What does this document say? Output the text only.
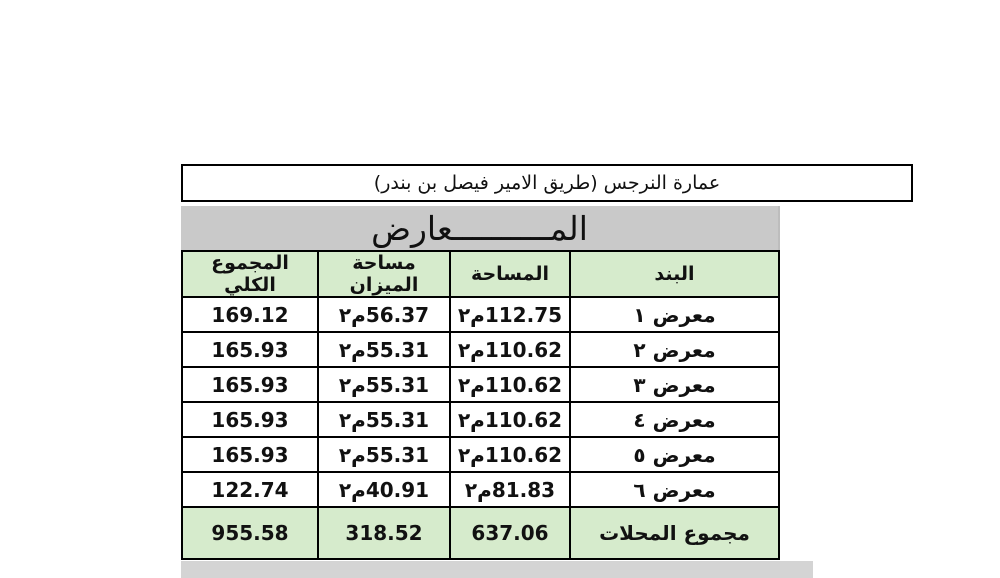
عمارة النرجس (طريق الامير فيصل بن بندر)
المــــــــــعارض
المجموع الكلي	مساحة الميزان	المساحة	البند
169.12	56.37م٢	112.75م٢	معرض ١
165.93	55.31م٢	110.62م٢	معرض ٢
165.93	55.31م٢	110.62م٢	معرض ٣
165.93	55.31م٢	110.62م٢	معرض ٤
165.93	55.31م٢	110.62م٢	معرض ٥
122.74	40.91م٢	81.83م٢	معرض ٦
955.58	318.52	637.06	مجموع المحلات
